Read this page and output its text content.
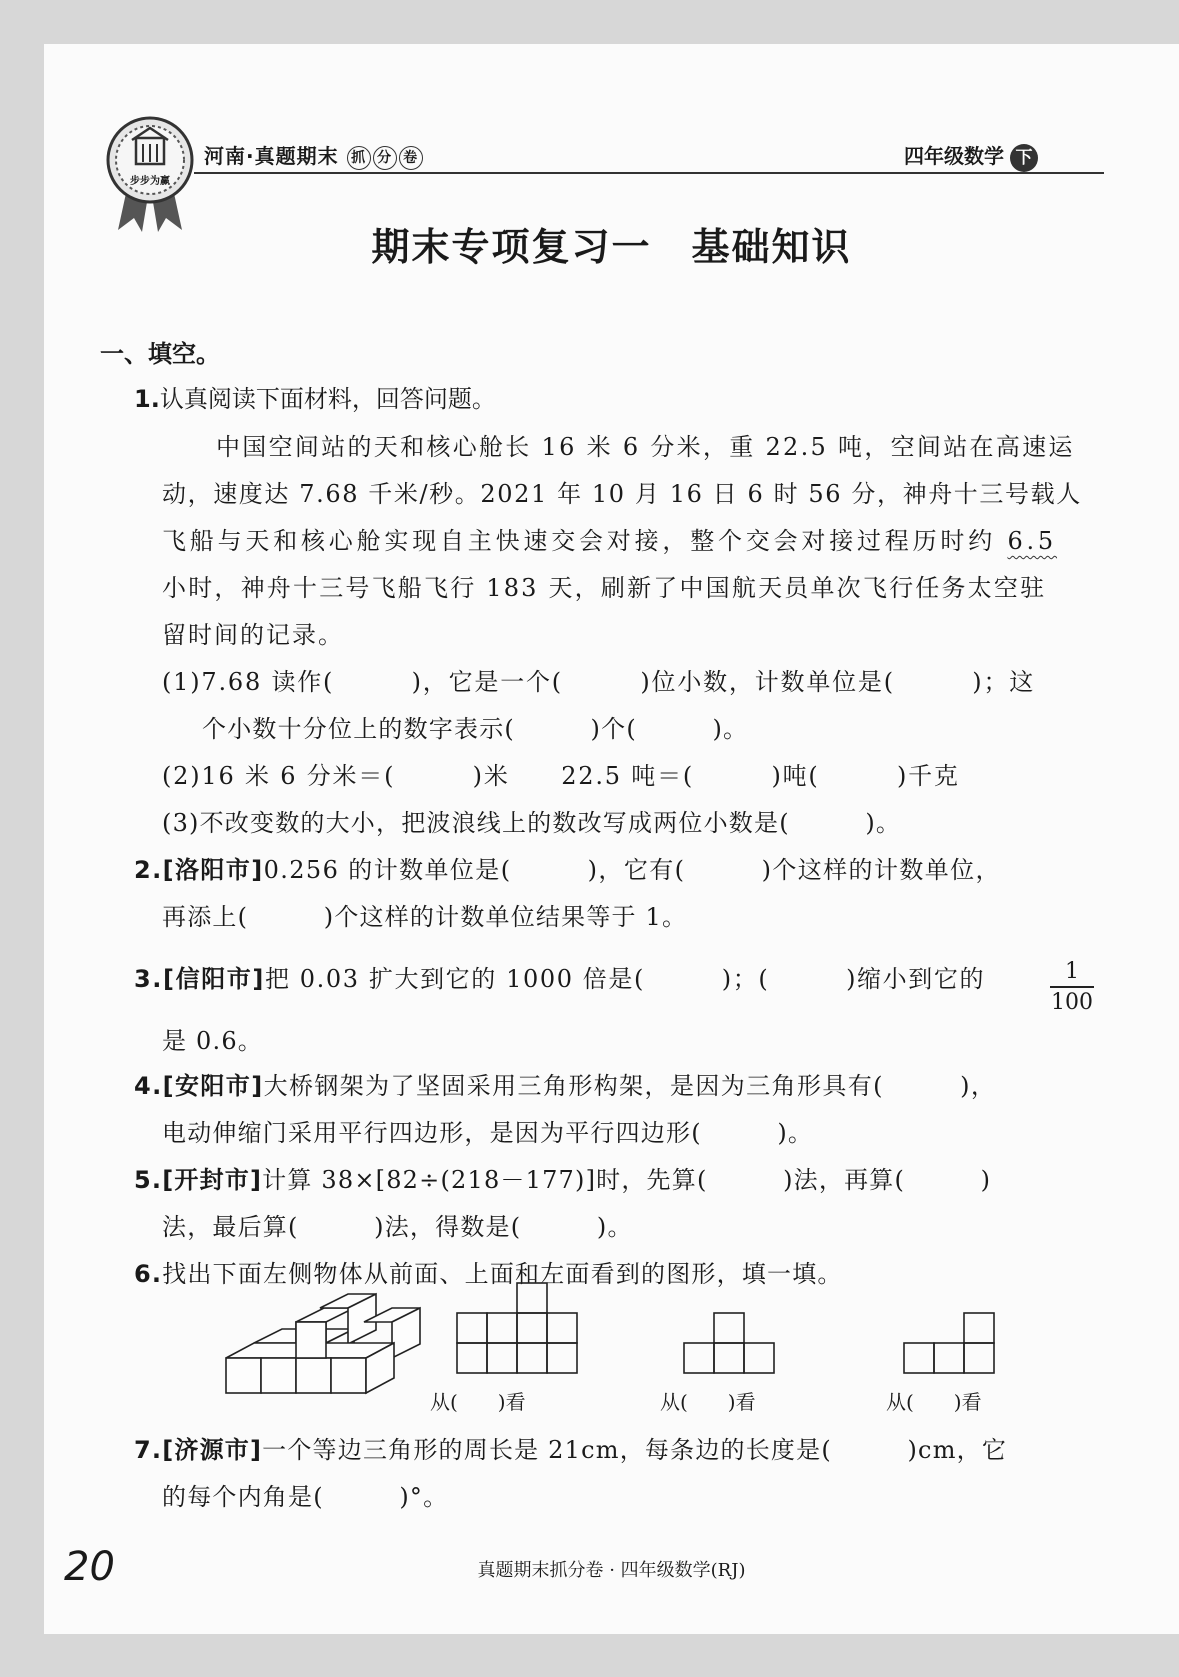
步步为赢
河南·真题期末 抓 分 卷	四年级数学 下
期末专项复习一　基础知识
一、填空。
1.认真阅读下面材料，回答问题。
中国空间站的天和核心舱长 16 米 6 分米，重 22.5 吨，空间站在高速运
动，速度达 7.68 千米/秒。2021 年 10 月 16 日 6 时 56 分，神舟十三号载人
飞船与天和核心舱实现自主快速交会对接，整个交会对接过程历时约 6.5
小时，神舟十三号飞船飞行 183 天，刷新了中国航天员单次飞行任务太空驻
留时间的记录。
(1)7.68 读作(　　　)，它是一个(　　　)位小数，计数单位是(　　　)；这
个小数十分位上的数字表示(　　　)个(　　　)。
(2)16 米 6 分米＝(　　　)米　　22.5 吨＝(　　　)吨(　　　)千克
(3)不改变数的大小，把波浪线上的数改写成两位小数是(　　　)。
2.[洛阳市]0.256 的计数单位是(　　　)，它有(　　　)个这样的计数单位，
再添上(　　　)个这样的计数单位结果等于 1。
3.[信阳市]把 0.03 扩大到它的 1000 倍是(　　　)；(　　　)缩小到它的	1
100
是 0.6。
4.[安阳市]大桥钢架为了坚固采用三角形构架，是因为三角形具有(　　　)，
电动伸缩门采用平行四边形，是因为平行四边形(　　　)。
5.[开封市]计算 38×[82÷(218－177)]时，先算(　　　)法，再算(　　　)
法，最后算(　　　)法，得数是(　　　)。
6.找出下面左侧物体从前面、上面和左面看到的图形，填一填。
从(　　)看	从(　　)看	从(　　)看
7.[济源市]一个等边三角形的周长是 21cm，每条边的长度是(　　　)cm，它
的每个内角是(　　　)°。
20	真题期末抓分卷 · 四年级数学(RJ)
